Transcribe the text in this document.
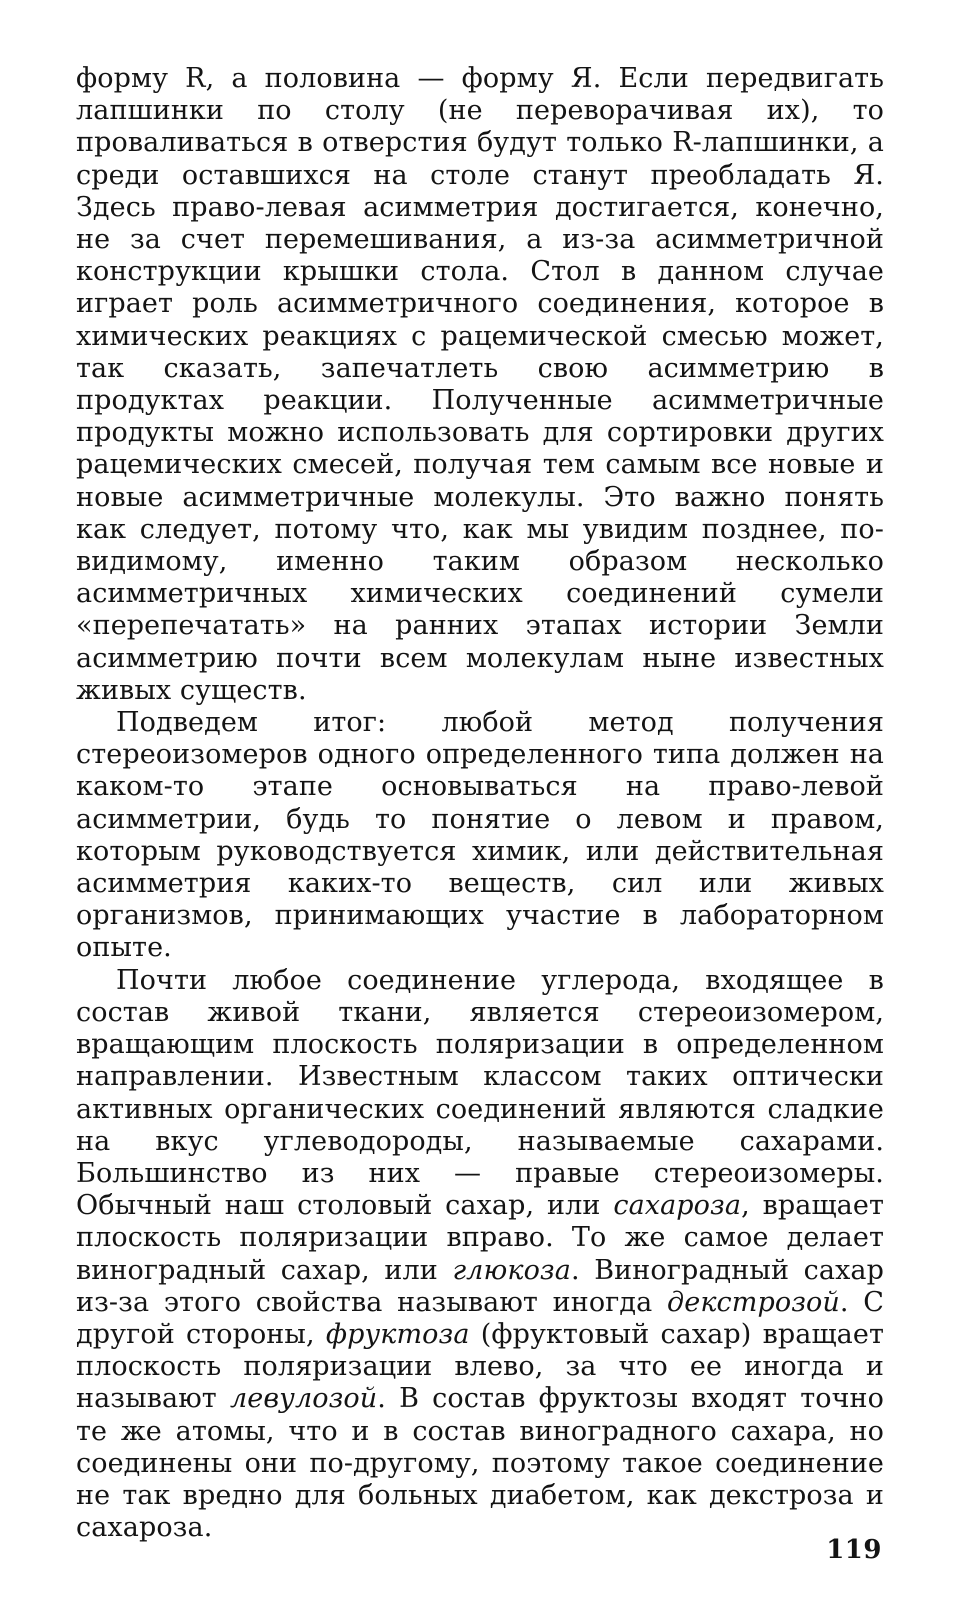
форму R, а половина — форму Я. Если передвигать лапшинки по столу (не переворачивая их), то проваливаться в отверстия будут только R-лапшинки, а среди оставшихся на столе станут преобладать Я. Здесь право-левая асимметрия достигается, конечно, не за счет перемешивания, а из-за асимметричной конструкции крышки стола. Стол в данном случае играет роль асимметричного соединения, которое в химических реакциях с рацемической смесью может, так сказать, запечатлеть свою асимметрию в продуктах реакции. Полученные асимметричные продукты можно использовать для сортировки других рацемических смесей, получая тем самым все новые и новые асимметричные молекулы. Это важно понять как следует, потому что, как мы увидим позднее, по-видимому, именно таким образом несколько асимметричных химических соединений сумели «перепечатать» на ранних этапах истории Земли асимметрию почти всем молекулам ныне известных живых существ.

Подведем итог: любой метод получения стереоизомеров одного определенного типа должен на каком-то этапе основываться на право-левой асимметрии, будь то понятие о левом и правом, которым руководствуется химик, или действительная асимметрия каких-то веществ, сил или живых организмов, принимающих участие в лабораторном опыте.

Почти любое соединение углерода, входящее в состав живой ткани, является стереоизомером, вращающим плоскость поляризации в определенном направлении. Известным классом таких оптически активных органических соединений являются сладкие на вкус углеводороды, называемые сахарами. Большинство из них — правые стереоизомеры. Обычный наш столовый сахар, или сахароза, вращает плоскость поляризации вправо. То же самое делает виноградный сахар, или глюкоза. Виноградный сахар из-за этого свойства называют иногда декстрозой. С другой стороны, фруктоза (фруктовый сахар) вращает плоскость поляризации влево, за что ее иногда и называют левулозой. В состав фруктозы входят точно те же атомы, что и в состав виноградного сахара, но соединены они по-другому, поэтому такое соединение не так вредно для больных диабетом, как декстроза и сахароза.

119
